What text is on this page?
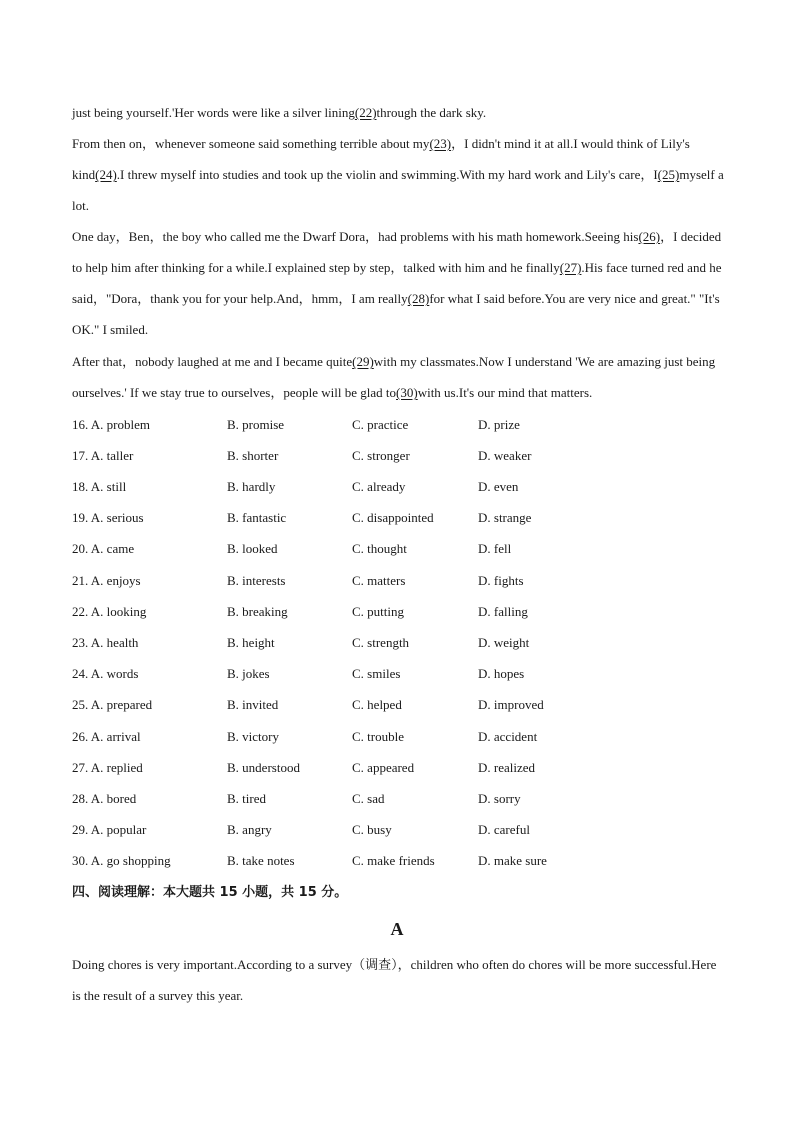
just being yourself.'Her words were like a silver lining(22)through the dark sky.

From then on，whenever someone said something terrible about my(23)，I didn't mind it at all.I would think of Lily's kind(24).I threw myself into studies and took up the violin and swimming.With my hard work and Lily's care，I(25)myself a lot.

One day，Ben，the boy who called me the Dwarf Dora，had problems with his math homework.Seeing his(26)，I decided to help him after thinking for a while.I explained step by step，talked with him and he finally(27).His face turned red and he said，"Dora，thank you for your help.And，hmm，I am really(28)for what I said before.You are very nice and great." "It's OK." I smiled.

After that，nobody laughed at me and I became quite(29)with my classmates.Now I understand 'We are amazing just being ourselves.' If we stay true to ourselves，people will be glad to(30)with us.It's our mind that matters.

16. A. problem	B. promise	C. practice	D. prize
17. A. taller	B. shorter	C. stronger	D. weaker
18. A. still	B. hardly	C. already	D. even
19. A. serious	B. fantastic	C. disappointed	D. strange
20. A. came	B. looked	C. thought	D. fell
21. A. enjoys	B. interests	C. matters	D. fights
22. A. looking	B. breaking	C. putting	D. falling
23. A. health	B. height	C. strength	D. weight
24. A. words	B. jokes	C. smiles	D. hopes
25. A. prepared	B. invited	C. helped	D. improved
26. A. arrival	B. victory	C. trouble	D. accident
27. A. replied	B. understood	C. appeared	D. realized
28. A. bored	B. tired	C. sad	D. sorry
29. A. popular	B. angry	C. busy	D. careful
30. A. go shopping	B. take notes	C. make friends	D. make sure
四、阅读理解：本大题共 15 小题，共 15 分。
A

Doing chores is very important.According to a survey（调查），children who often do chores will be more successful.Here is the result of a survey this year.
